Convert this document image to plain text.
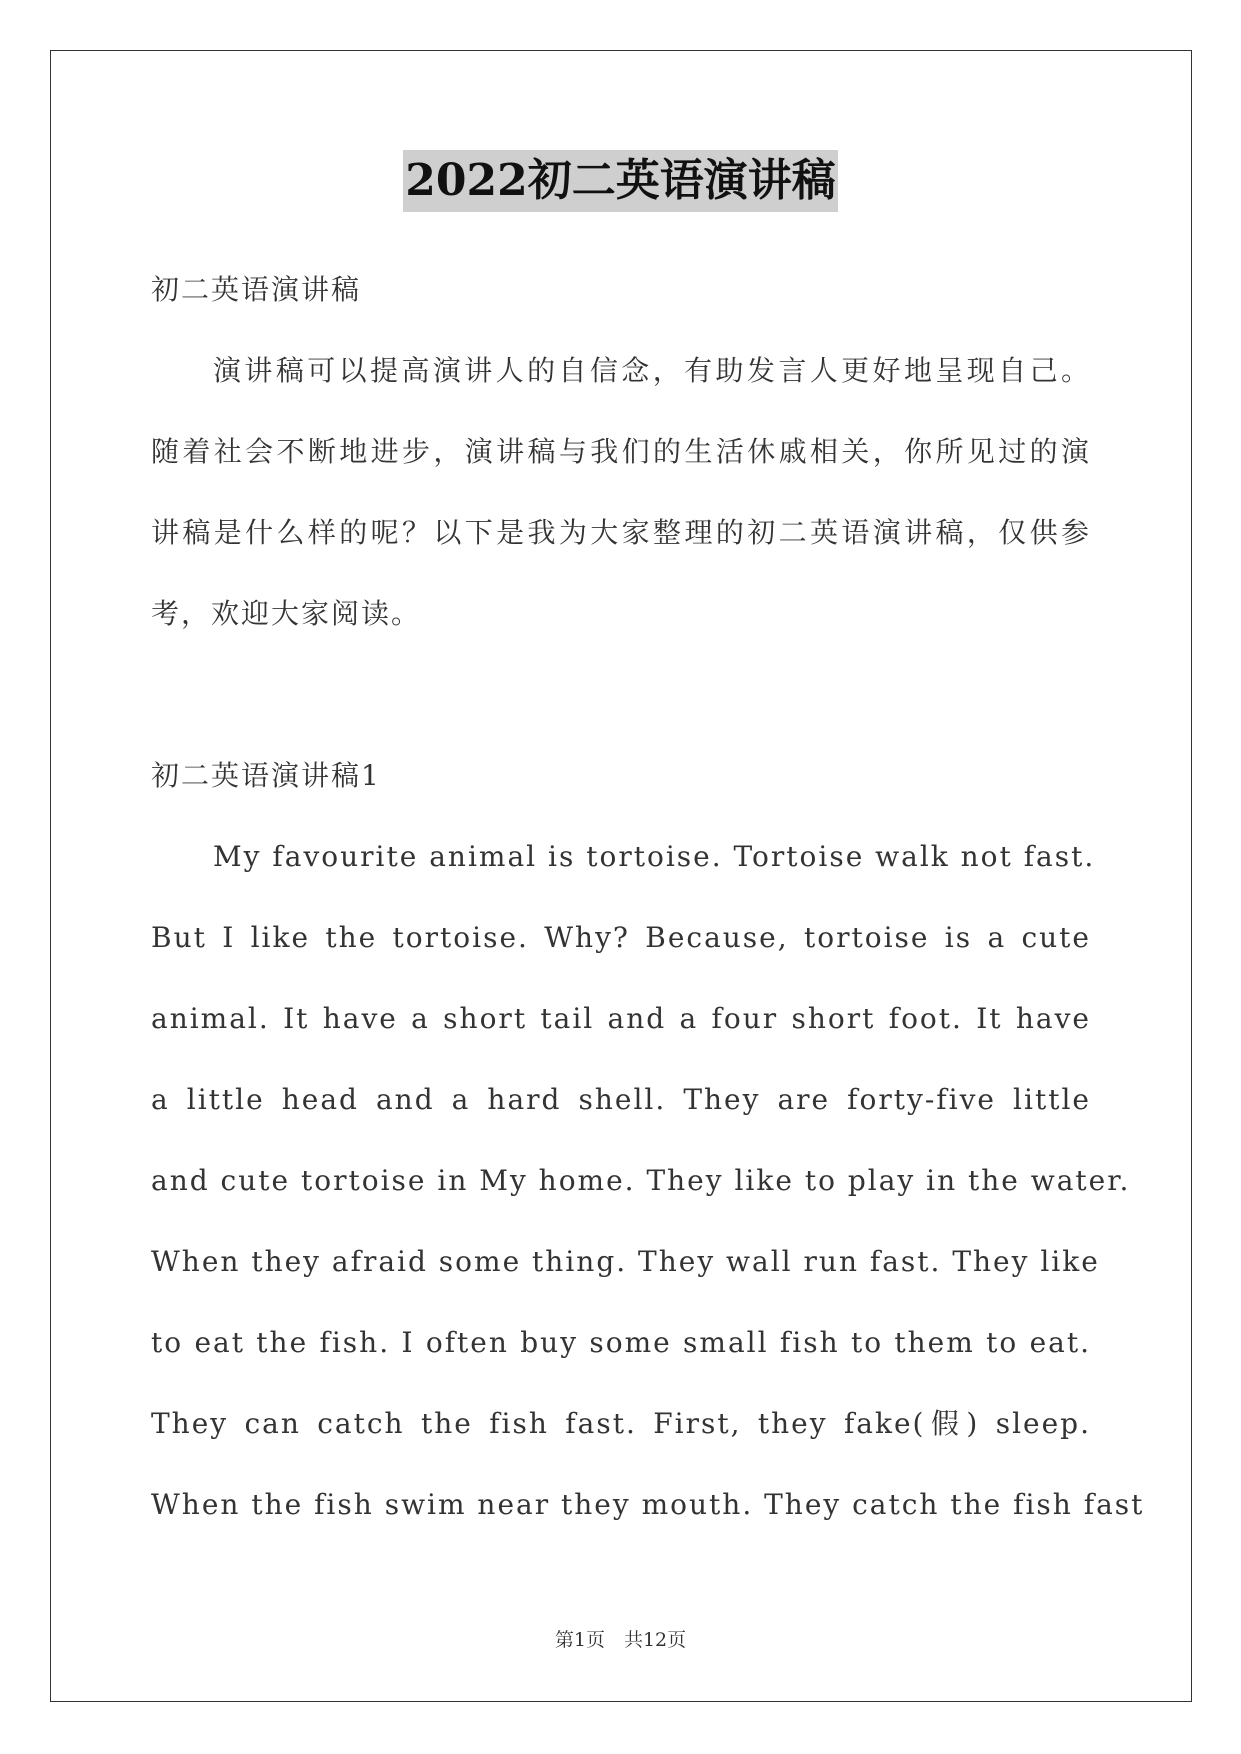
2022初二英语演讲稿
初二英语演讲稿
演讲稿可以提高演讲人的自信念，有助发言人更好地呈现自己。
随着社会不断地进步，演讲稿与我们的生活休戚相关，你所见过的演
讲稿是什么样的呢？以下是我为大家整理的初二英语演讲稿，仅供参
考，欢迎大家阅读。
初二英语演讲稿1
My favourite animal is tortoise. Tortoise walk not fast.
But I like the tortoise. Why? Because, tortoise is a cute
animal. It have a short tail and a four short foot. It have
a little head and a hard shell. They are forty-five little
and cute tortoise in My home. They like to play in the water.
When they afraid some thing. They wall run fast. They like
to eat the fish. I often buy some small fish to them to eat.
They can catch the fish fast. First, they fake(假) sleep.
When the fish swim near they mouth. They catch the fish fast
第1页　共12页
